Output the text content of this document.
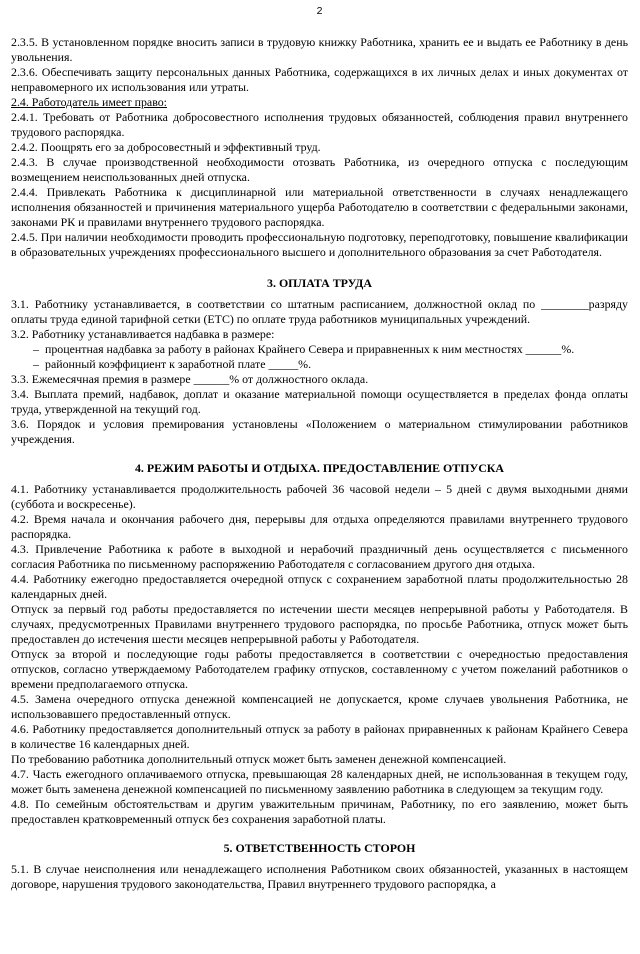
2

2.3.5. В установленном порядке вносить записи в трудовую книжку Работника, хранить ее и выдать ее Работнику в день увольнения.

2.3.6. Обеспечивать защиту персональных данных Работника, содержащихся в их личных делах и иных документах от неправомерного их использования или утраты.

2.4. Работодатель имеет право:

2.4.1. Требовать от Работника добросовестного исполнения трудовых обязанностей, соблюдения правил внутреннего трудового распорядка.

2.4.2. Поощрять его за добросовестный и эффективный труд.

2.4.3. В случае производственной необходимости отозвать Работника, из очередного отпуска с последующим возмещением неиспользованных дней отпуска.

2.4.4. Привлекать Работника к дисциплинарной или материальной ответственности в случаях ненадлежащего исполнения обязанностей и причинения материального ущерба Работодателю в соответствии с федеральными законами, законами РК и правилами внутреннего трудового распорядка.

2.4.5. При наличии необходимости проводить профессиональную подготовку, переподготовку, повышение квалификации в образовательных учреждениях профессионального высшего и дополнительного образования за счет Работодателя.

3. ОПЛАТА ТРУДА

3.1. Работнику устанавливается, в соответствии со штатным расписанием, должностной оклад по ________разряду оплаты труда единой тарифной сетки (ЕТС) по оплате труда работников муниципальных учреждений.

3.2. Работнику устанавливается надбавка в размере:

– процентная надбавка за работу в районах Крайнего Севера и приравненных к ним местностях ______%.

– районный коэффициент к заработной плате _____%.

3.3. Ежемесячная премия в размере ______% от должностного оклада.

3.4. Выплата премий, надбавок, доплат и оказание материальной помощи осуществляется в пределах фонда оплаты труда, утвержденной на текущий год.

3.6. Порядок и условия премирования установлены «Положением о материальном стимулировании работников учреждения.

4. РЕЖИМ РАБОТЫ И ОТДЫХА. ПРЕДОСТАВЛЕНИЕ ОТПУСКА

4.1. Работнику устанавливается продолжительность рабочей 36 часовой недели – 5 дней с двумя выходными днями (суббота и воскресенье).

4.2. Время начала и окончания рабочего дня, перерывы для отдыха определяются правилами внутреннего трудового распорядка.

4.3. Привлечение Работника к работе в выходной и нерабочий праздничный день осуществляется с письменного согласия Работника по письменному распоряжению Работодателя с согласованием другого дня отдыха.

4.4. Работнику ежегодно предоставляется очередной отпуск с сохранением заработной платы продолжительностью 28 календарных дней.

Отпуск за первый год работы предоставляется по истечении шести месяцев непрерывной работы у Работодателя. В случаях, предусмотренных Правилами внутреннего трудового распорядка, по просьбе Работника, отпуск может быть предоставлен до истечения шести месяцев непрерывной работы у Работодателя.

Отпуск за второй и последующие годы работы предоставляется в соответствии с очередностью предоставления отпусков, согласно утверждаемому Работодателем графику отпусков, составленному с учетом пожеланий работников о времени предполагаемого отпуска.

4.5. Замена очередного отпуска денежной компенсацией не допускается, кроме случаев увольнения Работника, не использовавшего предоставленный отпуск.

4.6. Работнику предоставляется дополнительный отпуск за работу в районах приравненных к районам Крайнего Севера в количестве 16 календарных дней.

По требованию работника дополнительный отпуск может быть заменен денежной компенсацией.

4.7. Часть ежегодного оплачиваемого отпуска, превышающая 28 календарных дней, не использованная в текущем году, может быть заменена денежной компенсацией по письменному заявлению работника в следующем за текущим году.

4.8. По семейным обстоятельствам и другим уважительным причинам, Работнику, по его заявлению, может быть предоставлен кратковременный отпуск без сохранения заработной платы.

5. ОТВЕТСТВЕННОСТЬ СТОРОН

5.1. В случае неисполнения или ненадлежащего исполнения Работником своих обязанностей, указанных в настоящем договоре, нарушения трудового законодательства, Правил внутреннего трудового распорядка, а
